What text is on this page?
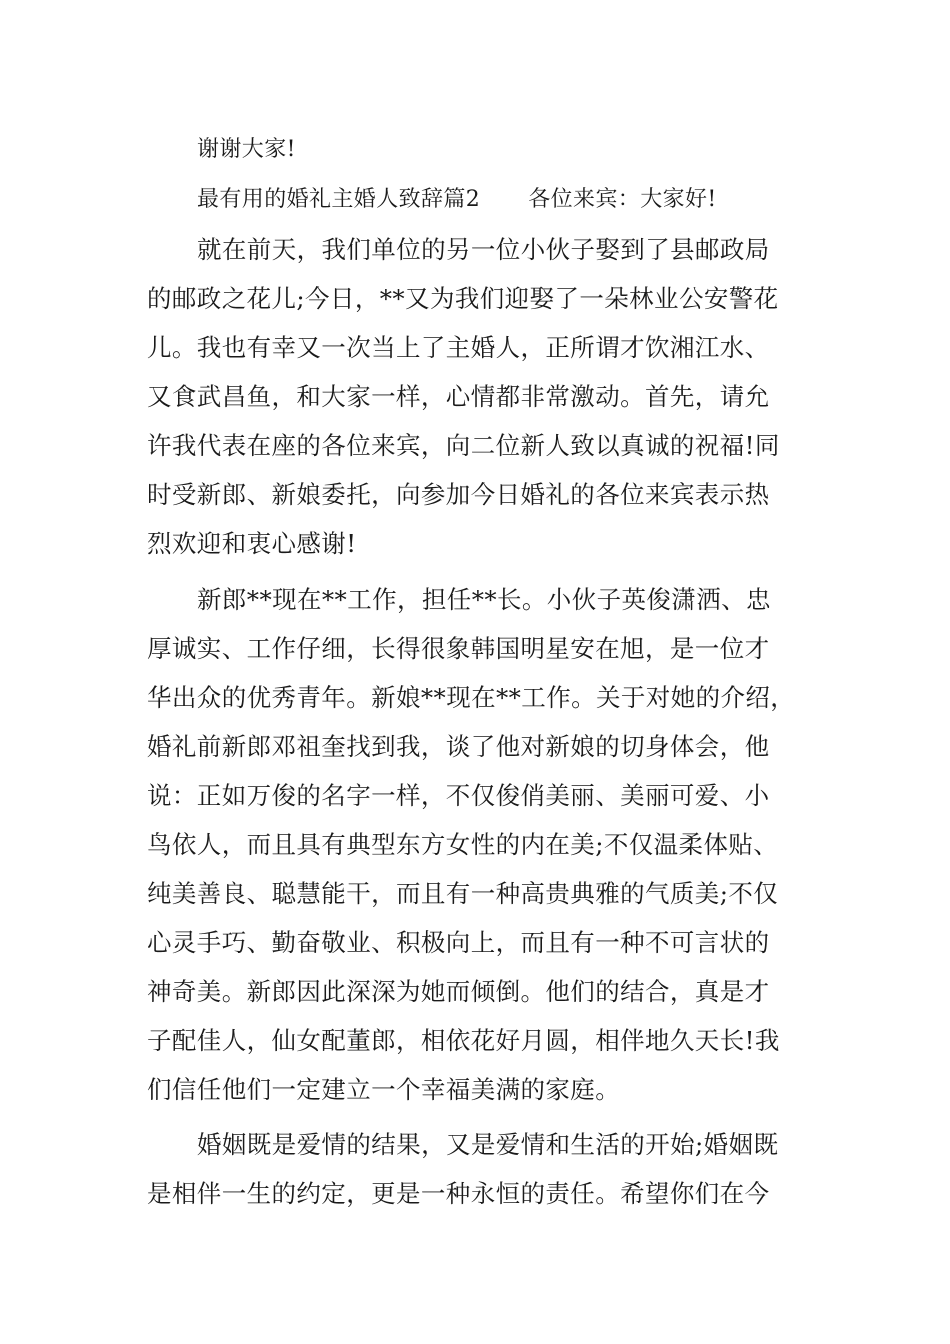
谢谢大家!
最有用的婚礼主婚人致辞篇2 各位来宾：大家好!
就在前天，我们单位的另一位小伙子娶到了县邮政局
的邮政之花儿;今日，**又为我们迎娶了一朵林业公安警花
儿。我也有幸又一次当上了主婚人，正所谓才饮湘江水、
又食武昌鱼，和大家一样，心情都非常激动。首先，请允
许我代表在座的各位来宾，向二位新人致以真诚的祝福!同
时受新郎、新娘委托，向参加今日婚礼的各位来宾表示热
烈欢迎和衷心感谢!
新郎**现在**工作，担任**长。小伙子英俊潇洒、忠
厚诚实、工作仔细，长得很象韩国明星安在旭，是一位才
华出众的优秀青年。新娘**现在**工作。关于对她的介绍，
婚礼前新郎邓祖奎找到我，谈了他对新娘的切身体会，他
说：正如万俊的名字一样，不仅俊俏美丽、美丽可爱、小
鸟依人，而且具有典型东方女性的内在美;不仅温柔体贴、
纯美善良、聪慧能干，而且有一种高贵典雅的气质美;不仅
心灵手巧、勤奋敬业、积极向上，而且有一种不可言状的
神奇美。新郎因此深深为她而倾倒。他们的结合，真是才
子配佳人，仙女配董郎，相依花好月圆，相伴地久天长!我
们信任他们一定建立一个幸福美满的家庭。
婚姻既是爱情的结果，又是爱情和生活的开始;婚姻既
是相伴一生的约定，更是一种永恒的责任。希望你们在今
